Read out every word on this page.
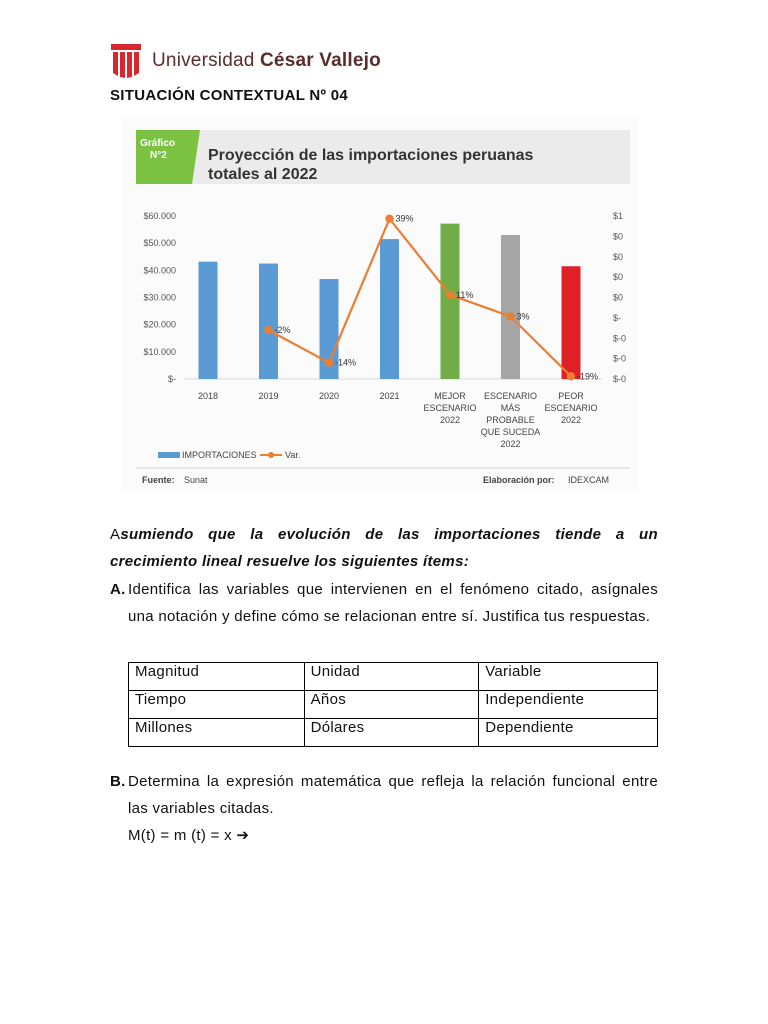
Universidad César Vallejo
SITUACIÓN CONTEXTUAL Nº 04
Gráfico
N°2	Proyección de las importaciones peruanas
totales al 2022
$-
$10.000
$20.000
$30.000
$40.000
$50.000
$60.000	$1
$0
$0
$0
$0
$-
$-0
$-0
$-0
2018	2019	2020	2021	MEJOR
ESCENARIO
2022
ESCENARIO
MÁS
PROBABLE
QUE SUCEDA
2022
PEOR
ESCENARIO
2022
-2%
-14%
39%
11%
3%
-19%
IMPORTACIONES	Var.
Fuente: Sunat	Elaboración por: IDEXCAM
Asumiendo que la evolución de las importaciones tiende a un crecimiento lineal resuelve los siguientes ítems:
A. Identifica las variables que intervienen en el fenómeno citado, asígnales una notación y define cómo se relacionan entre sí. Justifica tus respuestas.
Magnitud	Unidad	Variable
Tiempo	Años	Independiente
Millones	Dólares	Dependiente
B. Determina la expresión matemática que refleja la relación funcional entre las variables citadas.
M(t) = m (t) = x ➔
